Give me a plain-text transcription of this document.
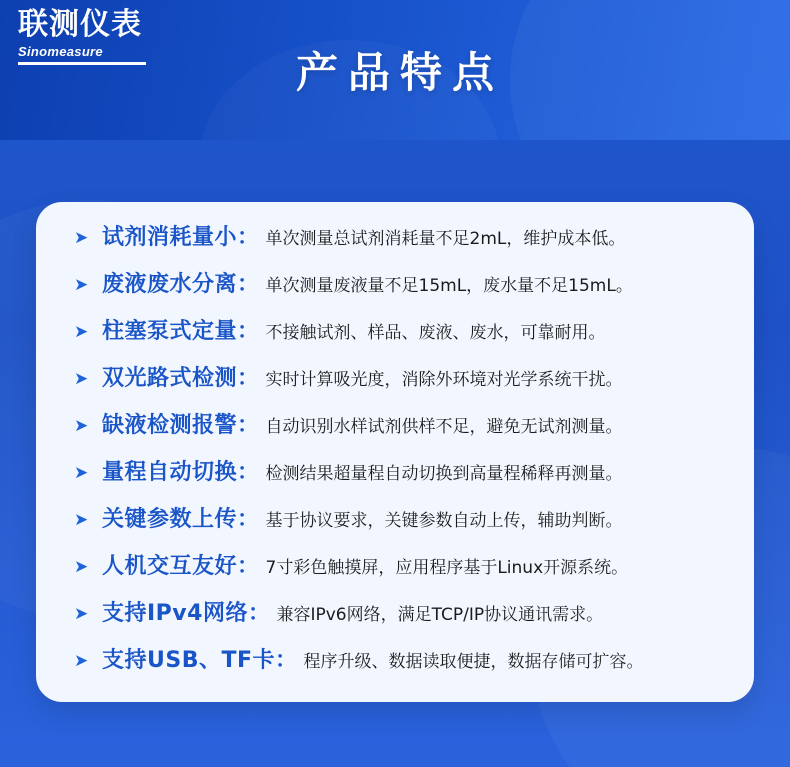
联测仪表
Sinomeasure	产品特点
➤ 试剂消耗量小： 单次测量总试剂消耗量不足2mL，维护成本低。
➤ 废液废水分离： 单次测量废液量不足15mL，废水量不足15mL。
➤ 柱塞泵式定量： 不接触试剂、样品、废液、废水，可靠耐用。
➤ 双光路式检测： 实时计算吸光度，消除外环境对光学系统干扰。
➤ 缺液检测报警： 自动识别水样试剂供样不足，避免无试剂测量。
➤ 量程自动切换： 检测结果超量程自动切换到高量程稀释再测量。
➤ 关键参数上传： 基于协议要求，关键参数自动上传，辅助判断。
➤ 人机交互友好： 7寸彩色触摸屏，应用程序基于Linux开源系统。
➤ 支持IPv4网络： 兼容IPv6网络，满足TCP/IP协议通讯需求。
➤ 支持USB、TF卡： 程序升级、数据读取便捷，数据存储可扩容。
